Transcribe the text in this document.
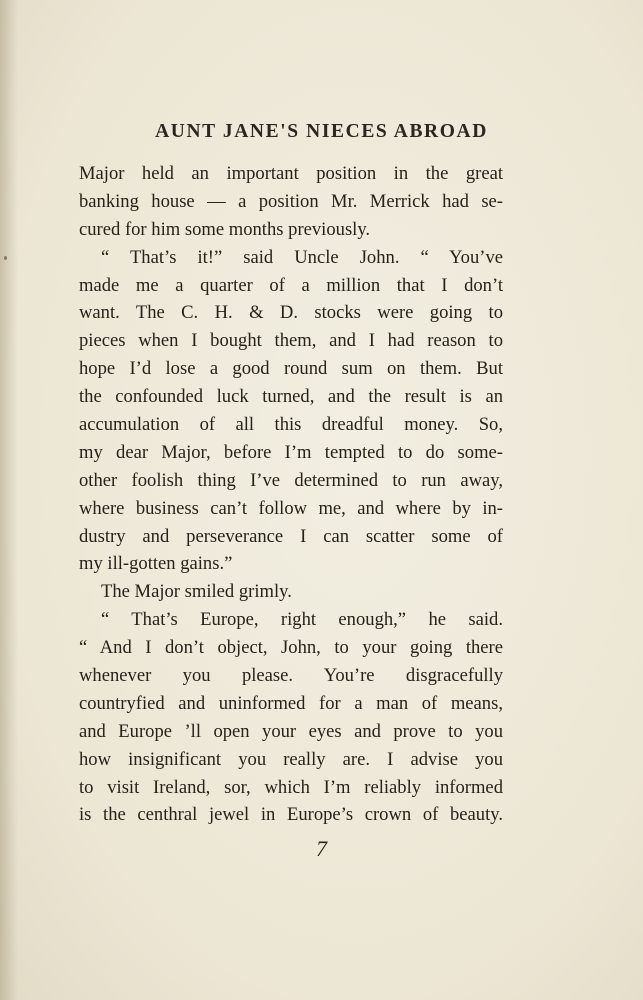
AUNT JANE'S NIECES ABROAD
Major held an important position in the great
banking house — a position Mr. Merrick had se-
cured for him some months previously.
“ That’s it!” said Uncle John. “ You’ve
made me a quarter of a million that I don’t
want. The C. H. & D. stocks were going to
pieces when I bought them, and I had reason to
hope I’d lose a good round sum on them. But
the confounded luck turned, and the result is an
accumulation of all this dreadful money. So,
my dear Major, before I’m tempted to do some-
other foolish thing I’ve determined to run away,
where business can’t follow me, and where by in-
dustry and perseverance I can scatter some of
my ill-gotten gains.”
The Major smiled grimly.
“ That’s Europe, right enough,” he said.
“ And I don’t object, John, to your going there
whenever you please. You’re disgracefully
countryfied and uninformed for a man of means,
and Europe ’ll open your eyes and prove to you
how insignificant you really are. I advise you
to visit Ireland, sor, which I’m reliably informed
is the centhral jewel in Europe’s crown of beauty.
7
